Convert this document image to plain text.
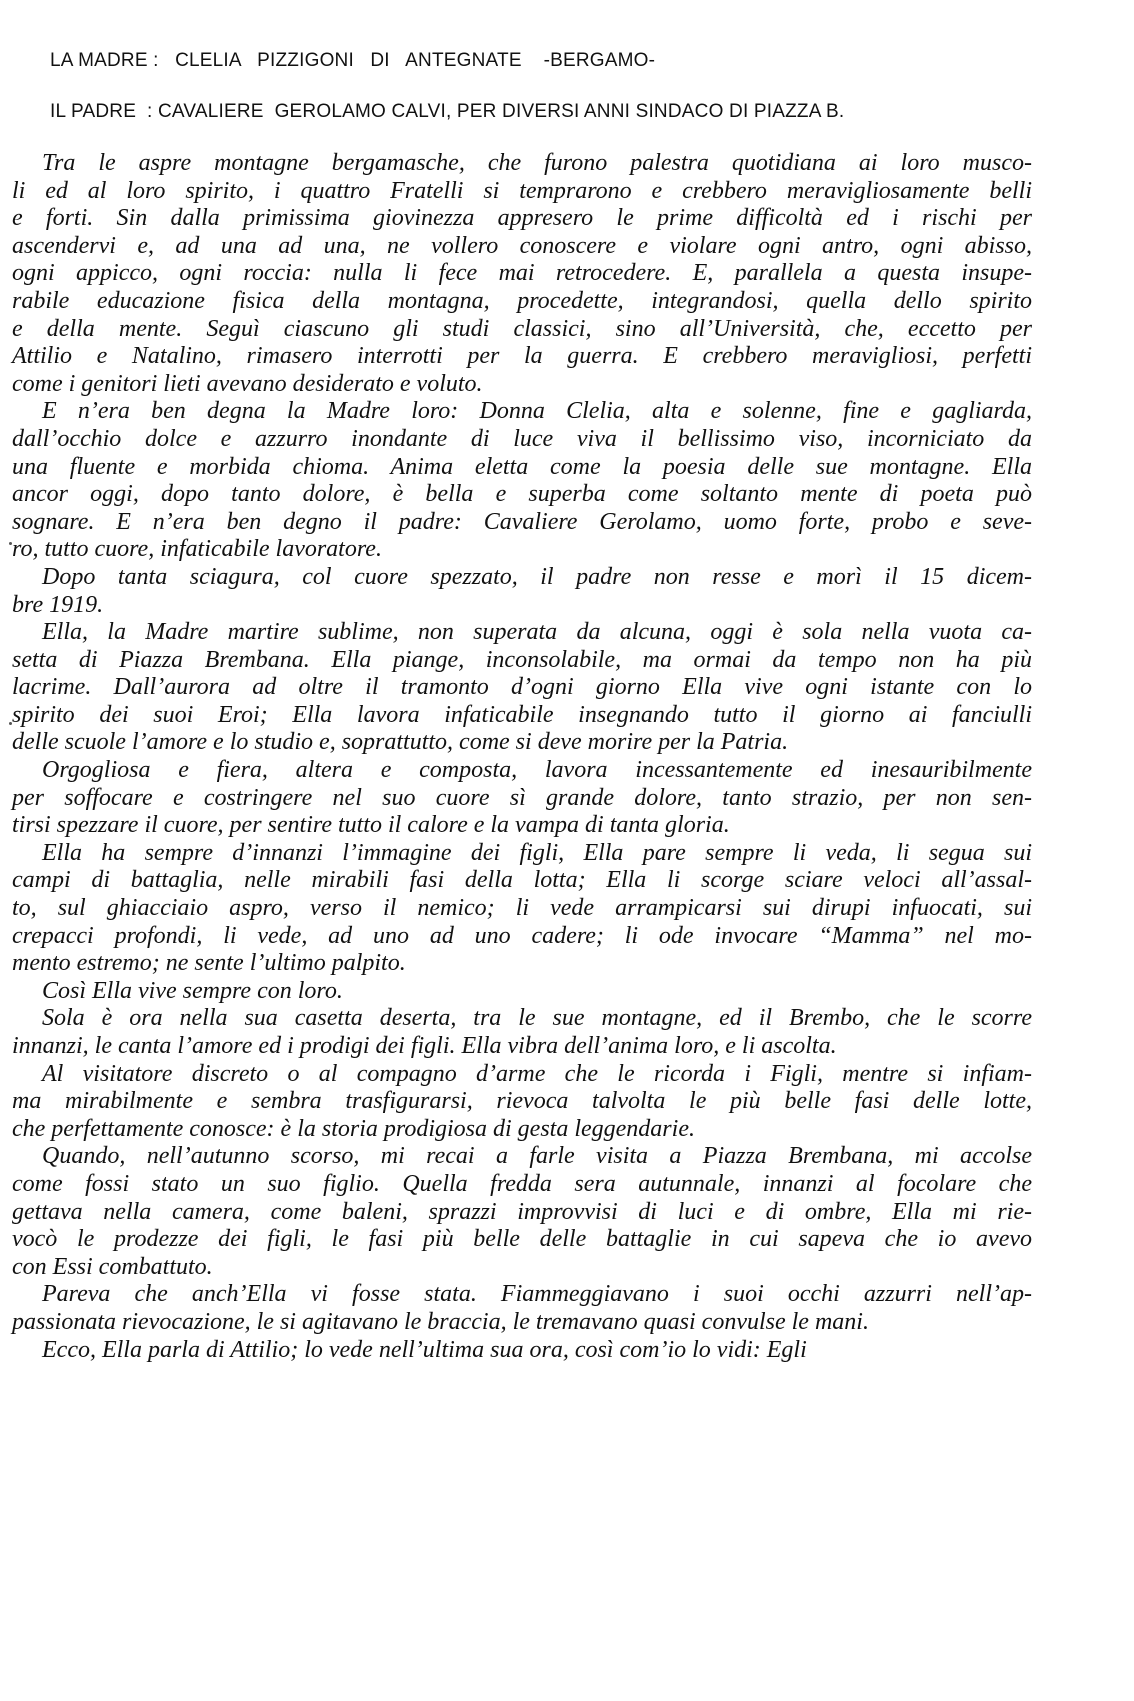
LA MADRE :   CLELIA   PIZZIGONI   DI   ANTEGNATE    -BERGAMO-
IL PADRE  : CAVALIERE  GEROLAMO CALVI, PER DIVERSI ANNI SINDACO DI PIAZZA B.
Tra le aspre montagne bergamasche, che furono palestra quotidiana ai loro musco-
li ed al loro spirito, i quattro Fratelli si temprarono e crebbero meravigliosamente belli
e forti. Sin dalla primissima giovinezza appresero le prime difficoltà ed i rischi per
ascendervi e, ad una ad una, ne vollero conoscere e violare ogni antro, ogni abisso,
ogni appicco, ogni roccia: nulla li fece mai retrocedere. E, parallela a questa insupe-
rabile educazione fisica della montagna, procedette, integrandosi, quella dello spirito
e della mente. Seguì ciascuno gli studi classici, sino all’Università, che, eccetto per
Attilio e Natalino, rimasero interrotti per la guerra. E crebbero meravigliosi, perfetti
come i genitori lieti avevano desiderato e voluto.
E n’era ben degna la Madre loro: Donna Clelia, alta e solenne, fine e gagliarda,
dall’occhio dolce e azzurro inondante di luce viva il bellissimo viso, incorniciato da
una fluente e morbida chioma. Anima eletta come la poesia delle sue montagne. Ella
ancor oggi, dopo tanto dolore, è bella e superba come soltanto mente di poeta può
sognare. E n’era ben degno il padre: Cavaliere Gerolamo, uomo forte, probo e seve-
ro, tutto cuore, infaticabile lavoratore.
Dopo tanta sciagura, col cuore spezzato, il padre non resse e morì il 15 dicem-
bre 1919.
Ella, la Madre martire sublime, non superata da alcuna, oggi è sola nella vuota ca-
setta di Piazza Brembana. Ella piange, inconsolabile, ma ormai da tempo non ha più
lacrime. Dall’aurora ad oltre il tramonto d’ogni giorno Ella vive ogni istante con lo
spirito dei suoi Eroi; Ella lavora infaticabile insegnando tutto il giorno ai fanciulli
delle scuole l’amore e lo studio e, soprattutto, come si deve morire per la Patria.
Orgogliosa e fiera, altera e composta, lavora incessantemente ed inesauribilmente
per soffocare e costringere nel suo cuore sì grande dolore, tanto strazio, per non sen-
tirsi spezzare il cuore, per sentire tutto il calore e la vampa di tanta gloria.
Ella ha sempre d’innanzi l’immagine dei figli, Ella pare sempre li veda, li segua sui
campi di battaglia, nelle mirabili fasi della lotta; Ella li scorge sciare veloci all’assal-
to, sul ghiacciaio aspro, verso il nemico; li vede arrampicarsi sui dirupi infuocati, sui
crepacci profondi, li vede, ad uno ad uno cadere; li ode invocare “Mamma” nel mo-
mento estremo; ne sente l’ultimo palpito.
Così Ella vive sempre con loro.
Sola è ora nella sua casetta deserta, tra le sue montagne, ed il Brembo, che le scorre
innanzi, le canta l’amore ed i prodigi dei figli. Ella vibra dell’anima loro, e li ascolta.
Al visitatore discreto o al compagno d’arme che le ricorda i Figli, mentre si infiam-
ma mirabilmente e sembra trasfigurarsi, rievoca talvolta le più belle fasi delle lotte,
che perfettamente conosce: è la storia prodigiosa di gesta leggendarie.
Quando, nell’autunno scorso, mi recai a farle visita a Piazza Brembana, mi accolse
come fossi stato un suo figlio. Quella fredda sera autunnale, innanzi al focolare che
gettava nella camera, come baleni, sprazzi improvvisi di luci e di ombre, Ella mi rie-
vocò le prodezze dei figli, le fasi più belle delle battaglie in cui sapeva che io avevo
con Essi combattuto.
Pareva che anch’Ella vi fosse stata. Fiammeggiavano i suoi occhi azzurri nell’ap-
passionata rievocazione, le si agitavano le braccia, le tremavano quasi convulse le mani.
Ecco, Ella parla di Attilio; lo vede nell’ultima sua ora, così com’io lo vidi: Egli
